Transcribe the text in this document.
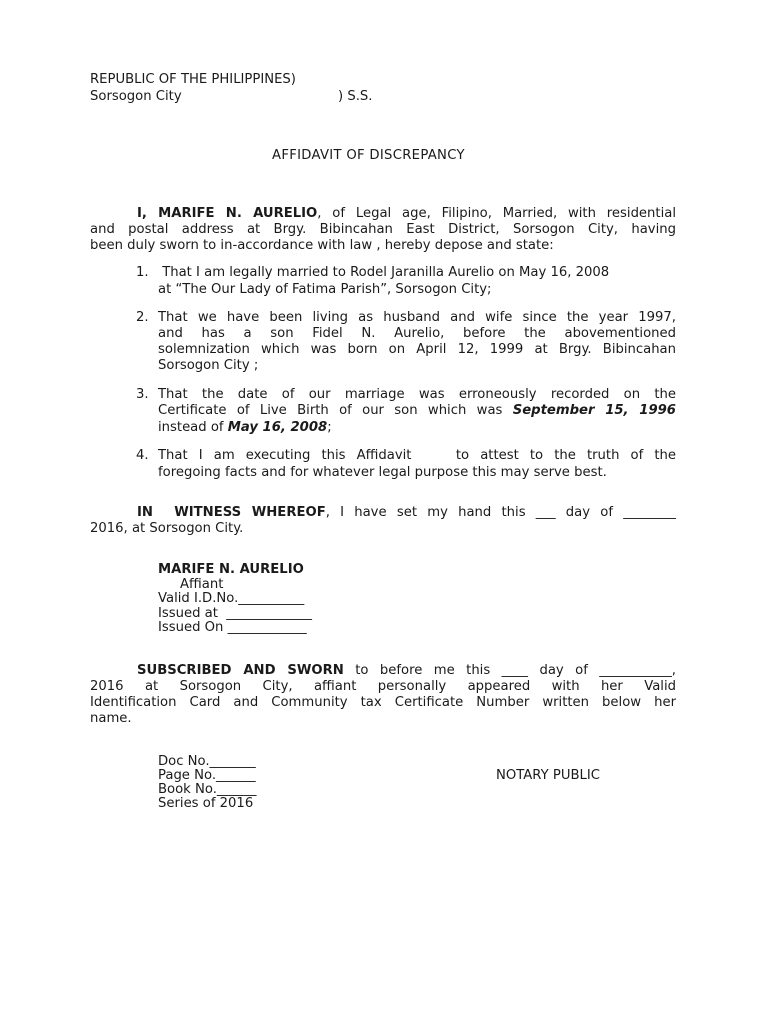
REPUBLIC OF THE PHILIPPINES)
Sorsogon City	) S.S.
AFFIDAVIT OF DISCREPANCY
I, MARIFE N. AURELIO, of Legal age, Filipino, Married, with residential
and postal address at Brgy. Bibincahan East District, Sorsogon City, having
been duly sworn to in-accordance with law , hereby depose and state:
1. That I am legally married to Rodel Jaranilla Aurelio on May 16, 2008
at “The Our Lady of Fatima Parish”, Sorsogon City;
2. That we have been living as husband and wife since the year 1997,
and has a son Fidel N. Aurelio, before the abovementioned
solemnization which was born on April 12, 1999 at Brgy. Bibincahan
Sorsogon City ;
3. That the date of our marriage was erroneously recorded on the
Certificate of Live Birth of our son which was September 15, 1996
instead of May 16, 2008;
4. That I am executing this Affidavit    to attest to the truth of the
foregoing facts and for whatever legal purpose this may serve best.
IN  WITNESS WHEREOF, I have set my hand this ___ day of ________
2016, at Sorsogon City.
MARIFE N. AURELIO
Affiant
Valid I.D.No.__________
Issued at  _____________
Issued On ____________
SUBSCRIBED AND SWORN to before me this ____ day of ___________,
2016 at Sorsogon City, affiant personally appeared with her Valid
Identification Card and Community tax Certificate Number written below her
name.
Doc No._______
Page No.______
Book No.______
Series of 2016
NOTARY PUBLIC
